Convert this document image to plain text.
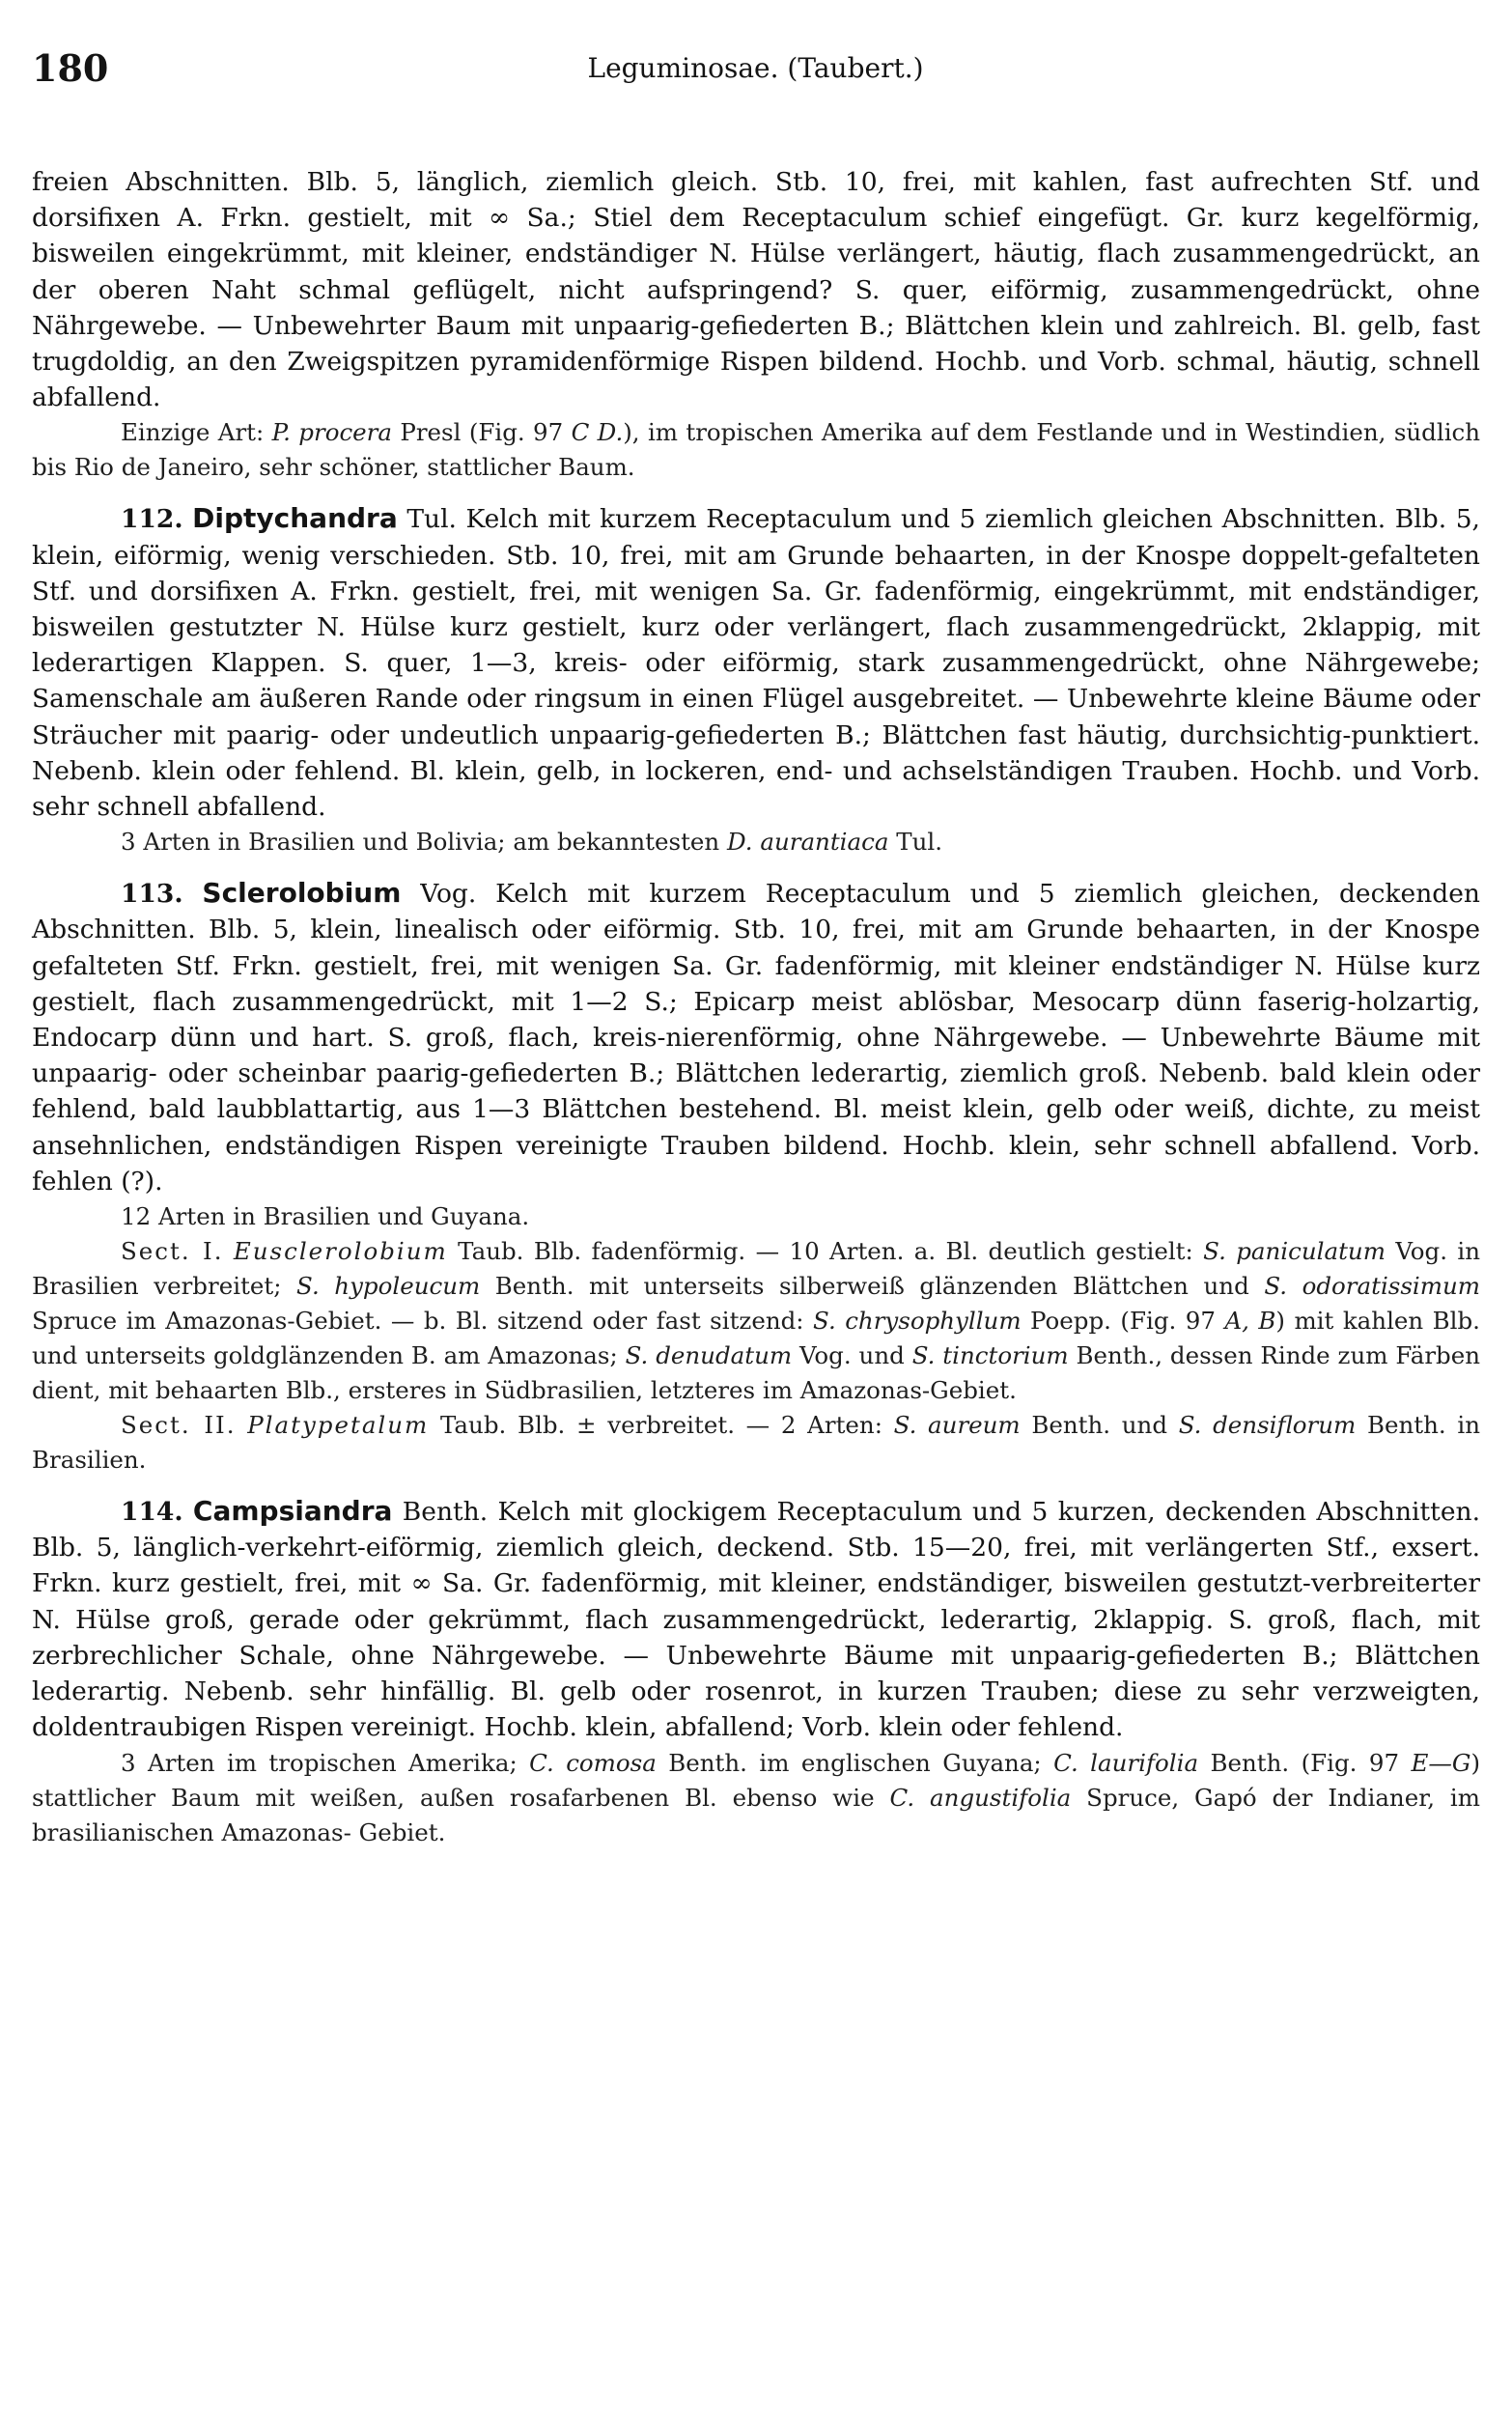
180	Leguminosae. (Taubert.)

freien Abschnitten. Blb. 5, länglich, ziemlich gleich. Stb. 10, frei, mit kahlen, fast aufrechten Stf. und dorsifixen A. Frkn. gestielt, mit ∞ Sa.; Stiel dem Receptaculum schief eingefügt. Gr. kurz kegelförmig, bisweilen eingekrümmt, mit kleiner, endständiger N. Hülse verlängert, häutig, flach zusammengedrückt, an der oberen Naht schmal geflügelt, nicht aufspringend? S. quer, eiförmig, zusammengedrückt, ohne Nährgewebe. — Unbewehrter Baum mit unpaarig-gefiederten B.; Blättchen klein und zahlreich. Bl. gelb, fast trugdoldig, an den Zweigspitzen pyramidenförmige Rispen bildend. Hochb. und Vorb. schmal, häutig, schnell abfallend.

Einzige Art: P. procera Presl (Fig. 97 C D.), im tropischen Amerika auf dem Festlande und in Westindien, südlich bis Rio de Janeiro, sehr schöner, stattlicher Baum.

112. Diptychandra Tul. Kelch mit kurzem Receptaculum und 5 ziemlich gleichen Abschnitten. Blb. 5, klein, eiförmig, wenig verschieden. Stb. 10, frei, mit am Grunde behaarten, in der Knospe doppelt-gefalteten Stf. und dorsifixen A. Frkn. gestielt, frei, mit wenigen Sa. Gr. fadenförmig, eingekrümmt, mit endständiger, bisweilen gestutzter N. Hülse kurz gestielt, kurz oder verlängert, flach zusammengedrückt, 2klappig, mit lederartigen Klappen. S. quer, 1—3, kreis- oder eiförmig, stark zusammengedrückt, ohne Nährgewebe; Samenschale am äußeren Rande oder ringsum in einen Flügel ausgebreitet. — Unbewehrte kleine Bäume oder Sträucher mit paarig- oder undeutlich unpaarig-gefiederten B.; Blättchen fast häutig, durchsichtig-punktiert. Nebenb. klein oder fehlend. Bl. klein, gelb, in lockeren, end- und achselständigen Trauben. Hochb. und Vorb. sehr schnell abfallend.

3 Arten in Brasilien und Bolivia; am bekanntesten D. aurantiaca Tul.

113. Sclerolobium Vog. Kelch mit kurzem Receptaculum und 5 ziemlich gleichen, deckenden Abschnitten. Blb. 5, klein, linealisch oder eiförmig. Stb. 10, frei, mit am Grunde behaarten, in der Knospe gefalteten Stf. Frkn. gestielt, frei, mit wenigen Sa. Gr. fadenförmig, mit kleiner endständiger N. Hülse kurz gestielt, flach zusammengedrückt, mit 1—2 S.; Epicarp meist ablösbar, Mesocarp dünn faserig-holzartig, Endocarp dünn und hart. S. groß, flach, kreis-nierenförmig, ohne Nährgewebe. — Unbewehrte Bäume mit unpaarig- oder scheinbar paarig-gefiederten B.; Blättchen lederartig, ziemlich groß. Nebenb. bald klein oder fehlend, bald laubblattartig, aus 1—3 Blättchen bestehend. Bl. meist klein, gelb oder weiß, dichte, zu meist ansehnlichen, endständigen Rispen vereinigte Trauben bildend. Hochb. klein, sehr schnell abfallend. Vorb. fehlen (?).

12 Arten in Brasilien und Guyana.

Sect. I. Eusclerolobium Taub. Blb. fadenförmig. — 10 Arten. a. Bl. deutlich gestielt: S. paniculatum Vog. in Brasilien verbreitet; S. hypoleucum Benth. mit unterseits silberweiß glänzenden Blättchen und S. odoratissimum Spruce im Amazonas-Gebiet. — b. Bl. sitzend oder fast sitzend: S. chrysophyllum Poepp. (Fig. 97 A, B) mit kahlen Blb. und unterseits goldglänzenden B. am Amazonas; S. denudatum Vog. und S. tinctorium Benth., dessen Rinde zum Färben dient, mit behaarten Blb., ersteres in Südbrasilien, letzteres im Amazonas-Gebiet.

Sect. II. Platypetalum Taub. Blb. ± verbreitet. — 2 Arten: S. aureum Benth. und S. densiflorum Benth. in Brasilien.

114. Campsiandra Benth. Kelch mit glockigem Receptaculum und 5 kurzen, deckenden Abschnitten. Blb. 5, länglich-verkehrt-eiförmig, ziemlich gleich, deckend. Stb. 15—20, frei, mit verlängerten Stf., exsert. Frkn. kurz gestielt, frei, mit ∞ Sa. Gr. fadenförmig, mit kleiner, endständiger, bisweilen gestutzt-verbreiterter N. Hülse groß, gerade oder gekrümmt, flach zusammengedrückt, lederartig, 2klappig. S. groß, flach, mit zerbrechlicher Schale, ohne Nährgewebe. — Unbewehrte Bäume mit unpaarig-gefiederten B.; Blättchen lederartig. Nebenb. sehr hinfällig. Bl. gelb oder rosenrot, in kurzen Trauben; diese zu sehr verzweigten, doldentraubigen Rispen vereinigt. Hochb. klein, abfallend; Vorb. klein oder fehlend.

3 Arten im tropischen Amerika; C. comosa Benth. im englischen Guyana; C. laurifolia Benth. (Fig. 97 E—G) stattlicher Baum mit weißen, außen rosafarbenen Bl. ebenso wie C. angustifolia Spruce, Gapó der Indianer, im brasilianischen Amazonas- Gebiet.
